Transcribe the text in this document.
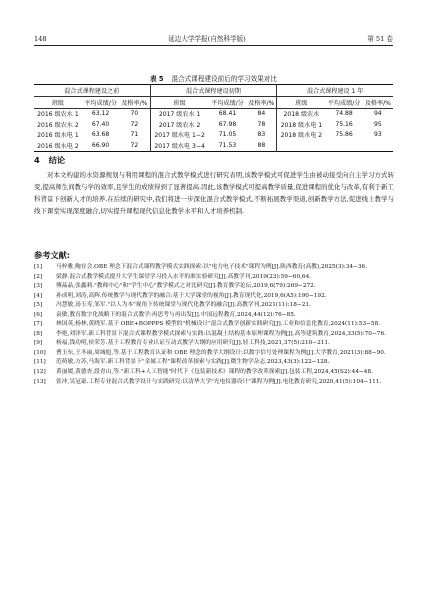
148	延边大学学报(自然科学版)	第 51 卷
表 5 混合式课程建设前后的学习效果对比
混合式课程建设之前			混合式课程建设初期			混合式课程建设 1 年		
班级	平均成绩/分	及格率/%	班级	平均成绩/分	及格率/%	班级	平均成绩/分	及格率/%
2016 级农水 1	63.12	70	2017 级农水 1	68.41	84	2018 级农水	74.88	94
2016 级农水 2	67.40	72	2017 级农水 2	67.98	78	2018 级水电 1	75.16	95
2016 级水电 1	63.68	71	2017 级水电 1−2	71.05	83	2018 级水电 2	75.86	93
2016 级水电 2	66.90	72	2017 级水电 3−4	71.53	88			
4 结论

对本文构建的水资源规划与利用课程的混合式教学模式进行研究表明,该教学模式可促进学生由被动接受向自主学习方式转变,提高师生间教与学的效率,且学生的成绩得到了显著提高.因此,该教学模式可提高教学质量,促进课程的优化与改革,有利于新工科背景下创新人才的培养.在后续的研究中,我们将进一步深化混合式教学模式,不断拓展教学渠道,创新教学方法,促进线上教学与线下课堂实现深度融合,切实提升课程现代信息化教学水平和人才培养机制.

参考文献:
[1]	马梓雅,鲍存会.OBE 理念下混合式课程教学模式实践探索:以"电力电子技术"课程为例[J].陕西教育(高教),2025(3):34−36.
[2]	梁静.混合式教学模式提升大学生课堂学习投入水平的准实验研究[J].高教学刊,2019(23):59−60,64.
[3]	傅晶晶,张鑫莉."教师中心"和"学生中心"教学模式之对比研究[J].教育教学论坛,2019,6(79):269−272.
[4]	孙成明,刘涛,高辉.传统教学与现代教学的融合:基于大学课堂的视角[J].教育现代化,2019,6(A5):190−192.
[5]	冯慧敏,汤玉寿,邹军."以人为本"视角下传统课堂与现代化教学的融合[J].高教学刊,2021(11):18−21.
[6]	袁敏.教育数字化战略下的混合式教学:再思考与再出发[J].中国远程教育,2024,44(12):76−85.
[7]	林国英,杨林,黄晓军.基于 OBE+BOPPPS 模型的"机械设计"混合式教学创新实践研究[J].工业和信息化教育,2024(11):53−58.
[8]	李艳,刘泽军.新工科背景下混合式课程教学模式探索与实践:以混凝土结构基本原理课程为例[J].高等建筑教育,2024,33(5):70−76.
[9]	杨福,钱功明,侯荣芳.基于工程教育专业认证互动式教学大纲的应用研究[J].轻工科技,2021,37(5):210−211.
[10]	曹玉东,王冬丽,周城旭,等.基于工程教育认证和 OBE 理念的教学大纲设计:以数字信号处理课程为例[J].大学教育,2021(3):88−90.
[11]	范萌敏,方苏,马海军.新工科背景下"金属工程"课程改革探索与实践[J].微生物学杂志,2023,43(3):122−128.
[12]	黄丽媛,黄德杏,段青山,等."新工科+人工智能"时代下《包装新技术》课程的教学改革探索[J].包装工程,2024,45(S2):44−48.
[13]	张冲,吴冠豪.工程专业混合式教学设计与实践研究:以清华大学"光电仪器设计"课程为例[J].电化教育研究,2020,41(5):104−111.
